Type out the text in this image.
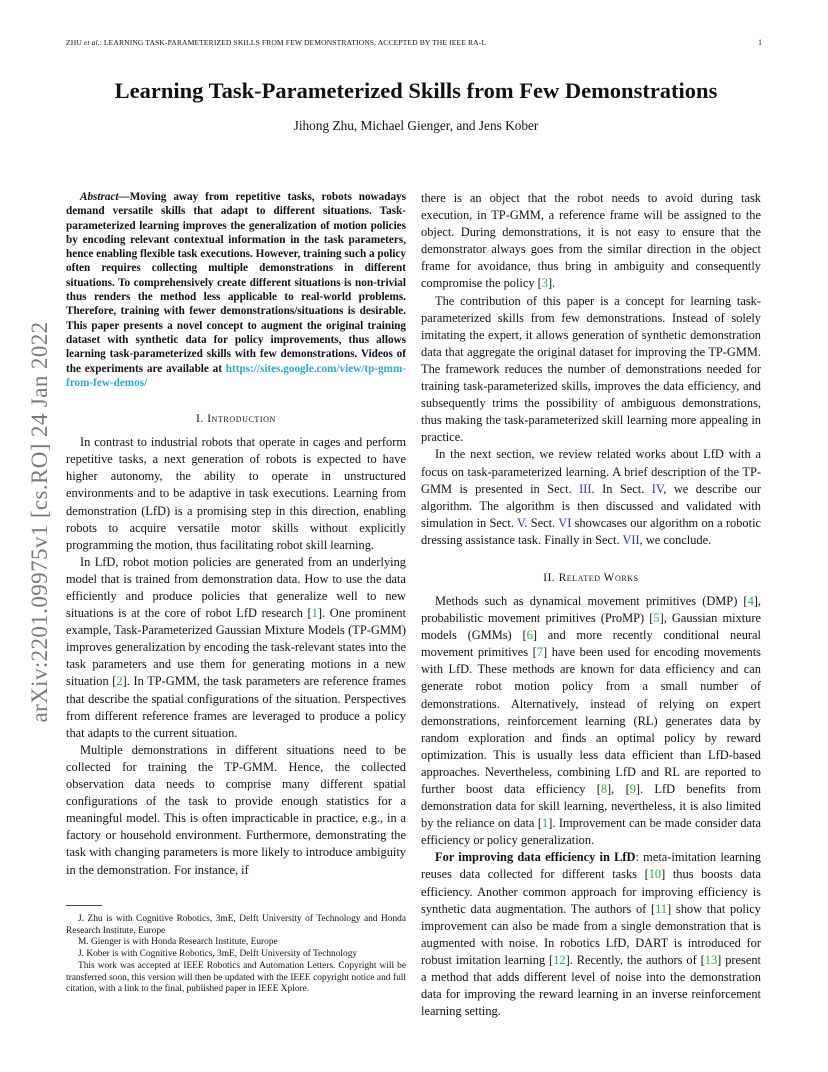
ZHU et al.: LEARNING TASK-PARAMETERIZED SKILLS FROM FEW DEMONSTRATIONS, ACCEPTED BY THE IEEE RA-L	1
arXiv:2201.09975v1 [cs.RO] 24 Jan 2022
Learning Task-Parameterized Skills from Few Demonstrations
Jihong Zhu, Michael Gienger, and Jens Kober

Abstract—Moving away from repetitive tasks, robots nowadays demand versatile skills that adapt to different situations. Task-parameterized learning improves the generalization of motion policies by encoding relevant contextual information in the task parameters, hence enabling flexible task executions. However, training such a policy often requires collecting multiple demonstrations in different situations. To comprehensively create different situations is non-trivial thus renders the method less applicable to real-world problems. Therefore, training with fewer demonstrations/situations is desirable. This paper presents a novel concept to augment the original training dataset with synthetic data for policy improvements, thus allows learning task-parameterized skills with few demonstrations. Videos of the experiments are available at https://sites.google.com/view/tp-gmm-from-few-demos/

I. Introduction

In contrast to industrial robots that operate in cages and perform repetitive tasks, a next generation of robots is expected to have higher autonomy, the ability to operate in unstructured environments and to be adaptive in task executions. Learning from demonstration (LfD) is a promising step in this direction, enabling robots to acquire versatile motor skills without explicitly programming the motion, thus facilitating robot skill learning.

In LfD, robot motion policies are generated from an underlying model that is trained from demonstration data. How to use the data efficiently and produce policies that generalize well to new situations is at the core of robot LfD research [1]. One prominent example, Task-Parameterized Gaussian Mixture Models (TP-GMM) improves generalization by encoding the task-relevant states into the task parameters and use them for generating motions in a new situation [2]. In TP-GMM, the task parameters are reference frames that describe the spatial configurations of the situation. Perspectives from different reference frames are leveraged to produce a policy that adapts to the current situation.

Multiple demonstrations in different situations need to be collected for training the TP-GMM. Hence, the collected observation data needs to comprise many different spatial configurations of the task to provide enough statistics for a meaningful model. This is often impracticable in practice, e.g., in a factory or household environment. Furthermore, demonstrating the task with changing parameters is more likely to introduce ambiguity in the demonstration. For instance, if

J. Zhu is with Cognitive Robotics, 3mE, Delft University of Technology and Honda Research Institute, Europe

M. Gienger is with Honda Research Institute, Europe

J. Kober is with Cognitive Robotics, 3mE, Delft University of Technology

This work was accepted at IEEE Robotics and Automation Letters. Copyright will be transferred soon, this version will then be updated with the IEEE copyright notice and full citation, with a link to the final, published paper in IEEE Xplore.

there is an object that the robot needs to avoid during task execution, in TP-GMM, a reference frame will be assigned to the object. During demonstrations, it is not easy to ensure that the demonstrator always goes from the similar direction in the object frame for avoidance, thus bring in ambiguity and consequently compromise the policy [3].

The contribution of this paper is a concept for learning task-parameterized skills from few demonstrations. Instead of solely imitating the expert, it allows generation of synthetic demonstration data that aggregate the original dataset for improving the TP-GMM. The framework reduces the number of demonstrations needed for training task-parameterized skills, improves the data efficiency, and subsequently trims the possibility of ambiguous demonstrations, thus making the task-parameterized skill learning more appealing in practice.

In the next section, we review related works about LfD with a focus on task-parameterized learning. A brief description of the TP-GMM is presented in Sect. III. In Sect. IV, we describe our algorithm. The algorithm is then discussed and validated with simulation in Sect. V. Sect. VI showcases our algorithm on a robotic dressing assistance task. Finally in Sect. VII, we conclude.

II. Related Works

Methods such as dynamical movement primitives (DMP) [4], probabilistic movement primitives (ProMP) [5], Gaussian mixture models (GMMs) [6] and more recently conditional neural movement primitives [7] have been used for encoding movements with LfD. These methods are known for data efficiency and can generate robot motion policy from a small number of demonstrations. Alternatively, instead of relying on expert demonstrations, reinforcement learning (RL) generates data by random exploration and finds an optimal policy by reward optimization. This is usually less data efficient than LfD-based approaches. Nevertheless, combining LfD and RL are reported to further boost data efficiency [8], [9]. LfD benefits from demonstration data for skill learning, nevertheless, it is also limited by the reliance on data [1]. Improvement can be made consider data efficiency or policy generalization.

For improving data efficiency in LfD: meta-imitation learning reuses data collected for different tasks [10] thus boosts data efficiency. Another common approach for improving efficiency is synthetic data augmentation. The authors of [11] show that policy improvement can also be made from a single demonstration that is augmented with noise. In robotics LfD, DART is introduced for robust imitation learning [12]. Recently, the authors of [13] present a method that adds different level of noise into the demonstration data for improving the reward learning in an inverse reinforcement learning setting.
